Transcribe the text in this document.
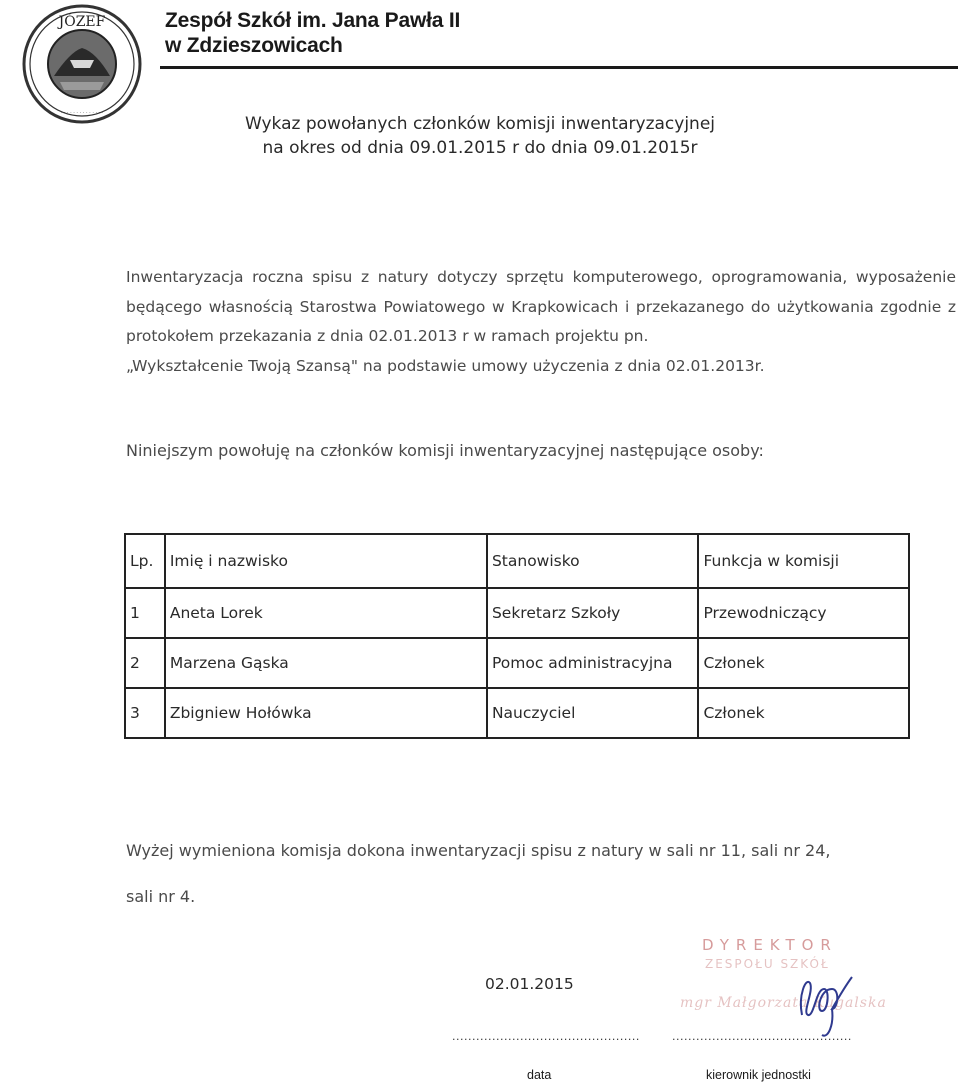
JÓZEF
· · · · · · · · · · · · · ·
Zespół Szkół im. Jana Pawła II
w Zdzieszowicach
Wykaz powołanych członków komisji inwentaryzacyjnej
na okres od dnia 09.01.2015 r do dnia 09.01.2015r
Inwentaryzacja roczna spisu z natury dotyczy sprzętu komputerowego, oprogramowania, wyposażenie będącego własnością Starostwa Powiatowego w Krapkowicach i przekazanego do użytkowania zgodnie z protokołem przekazania z dnia 02.01.2013 r w ramach projektu pn.
„Wykształcenie Twoją Szansą" na podstawie umowy użyczenia z dnia 02.01.2013r.
Niniejszym powołuję na członków komisji inwentaryzacyjnej następujące osoby:
Lp.	Imię i nazwisko	Stanowisko	Funkcja w komisji
1	Aneta Lorek	Sekretarz Szkoły	Przewodniczący
2	Marzena Gąska	Pomoc administracyjna	Członek
3	Zbigniew Hołówka	Nauczyciel	Członek
Wyżej wymieniona komisja dokona inwentaryzacji spisu z natury w sali nr 11, sali nr 24,
sali nr 4.
02.01.2015
...............................................	.............................................
data	kierownik jednostki
DYREKTOR
ZESPOŁU SZKÓŁ
mgr Małgorzata Kugalska
